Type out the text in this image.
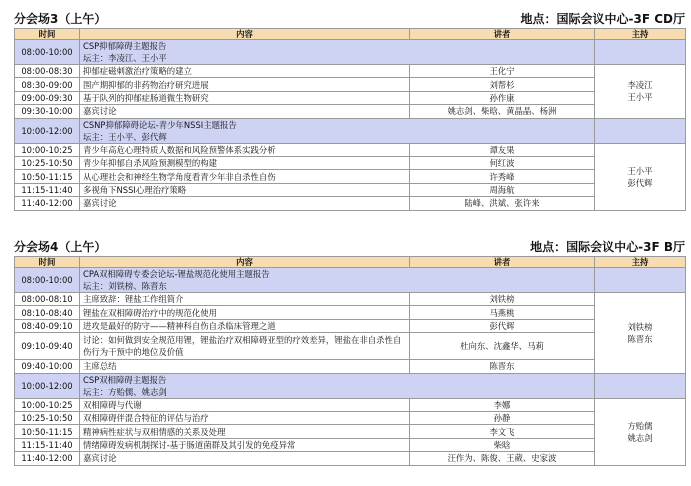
分会场3（上午）	地点：国际会议中心-3F CD厅
时间	内容	讲者	主持
08:00-10:00	CSP抑郁障碍主题报告
坛主：李凌江、王小平		

08:00-08:30	抑郁症磁刺激治疗策略的建立	王化宁	李凌江
王小平

08:30-09:00	围产期抑郁的非药物治疗研究进展	刘帮杉	
09:00-09:30	基于队列的抑郁症肠道微生物研究	孙作康	
09:30-10:00	嘉宾讨论	姚志剑、柴晗、黄晶晶、杨洲	
10:00-12:00	CSNP抑郁障碍论坛-青少年NSSI主题报告
坛主：王小平、彭代辉		

10:00-10:25	青少年高危心理特质人数据和风险预警体系实践分析	谭友果	王小平
彭代辉

10:25-10:50	青少年抑郁自杀风险预测模型的构建	何红波	
10:50-11:15	从心理社会和神经生物学角度看青少年非自杀性自伤	许秀峰	
11:15-11:40	多视角下NSSI心理治疗策略	周海航	
11:40-12:00	嘉宾讨论	陆峰、洪斌、张许来	
分会场4（上午）	地点：国际会议中心-3F B厅
时间	内容	讲者	主持
08:00-10:00	CPA双相障碍专委会论坛-锂盐规范化使用主题报告
坛主：刘铁榜、陈晋东		

08:00-08:10	主席致辞：锂盐工作组简介	刘铁榜	刘铁榜
陈晋东

08:10-08:40	锂盐在双相障碍治疗中的规范化使用	马燕桃	
08:40-09:10	进攻是最好的防守——精神科自伤自杀临床管理之道	彭代辉	
09:10-09:40	讨论：如何做到安全规范用锂，锂盐治疗双相障碍亚型的疗效差异，锂盐在非自杀性自伤行为干预中的地位及价值	杜向东、沈鑫华、马莉	
09:40-10:00	主席总结	陈晋东	
10:00-12:00	CSP双相障碍主题报告
坛主：方贻儒、姚志剑		

10:00-10:25	双相障碍与代谢	李娜	方贻儒
姚志剑

10:25-10:50	双相障碍伴混合特征的评估与治疗	孙静	
10:50-11:15	精神病性症状与双相情感的关系及处理	李文飞	
11:15-11:40	情绪障碍发病机制探讨-基于肠道菌群及其引发的免疫异常	柴晗	
11:40-12:00	嘉宾讨论	汪作为、陈俊、王葳、史家波	
